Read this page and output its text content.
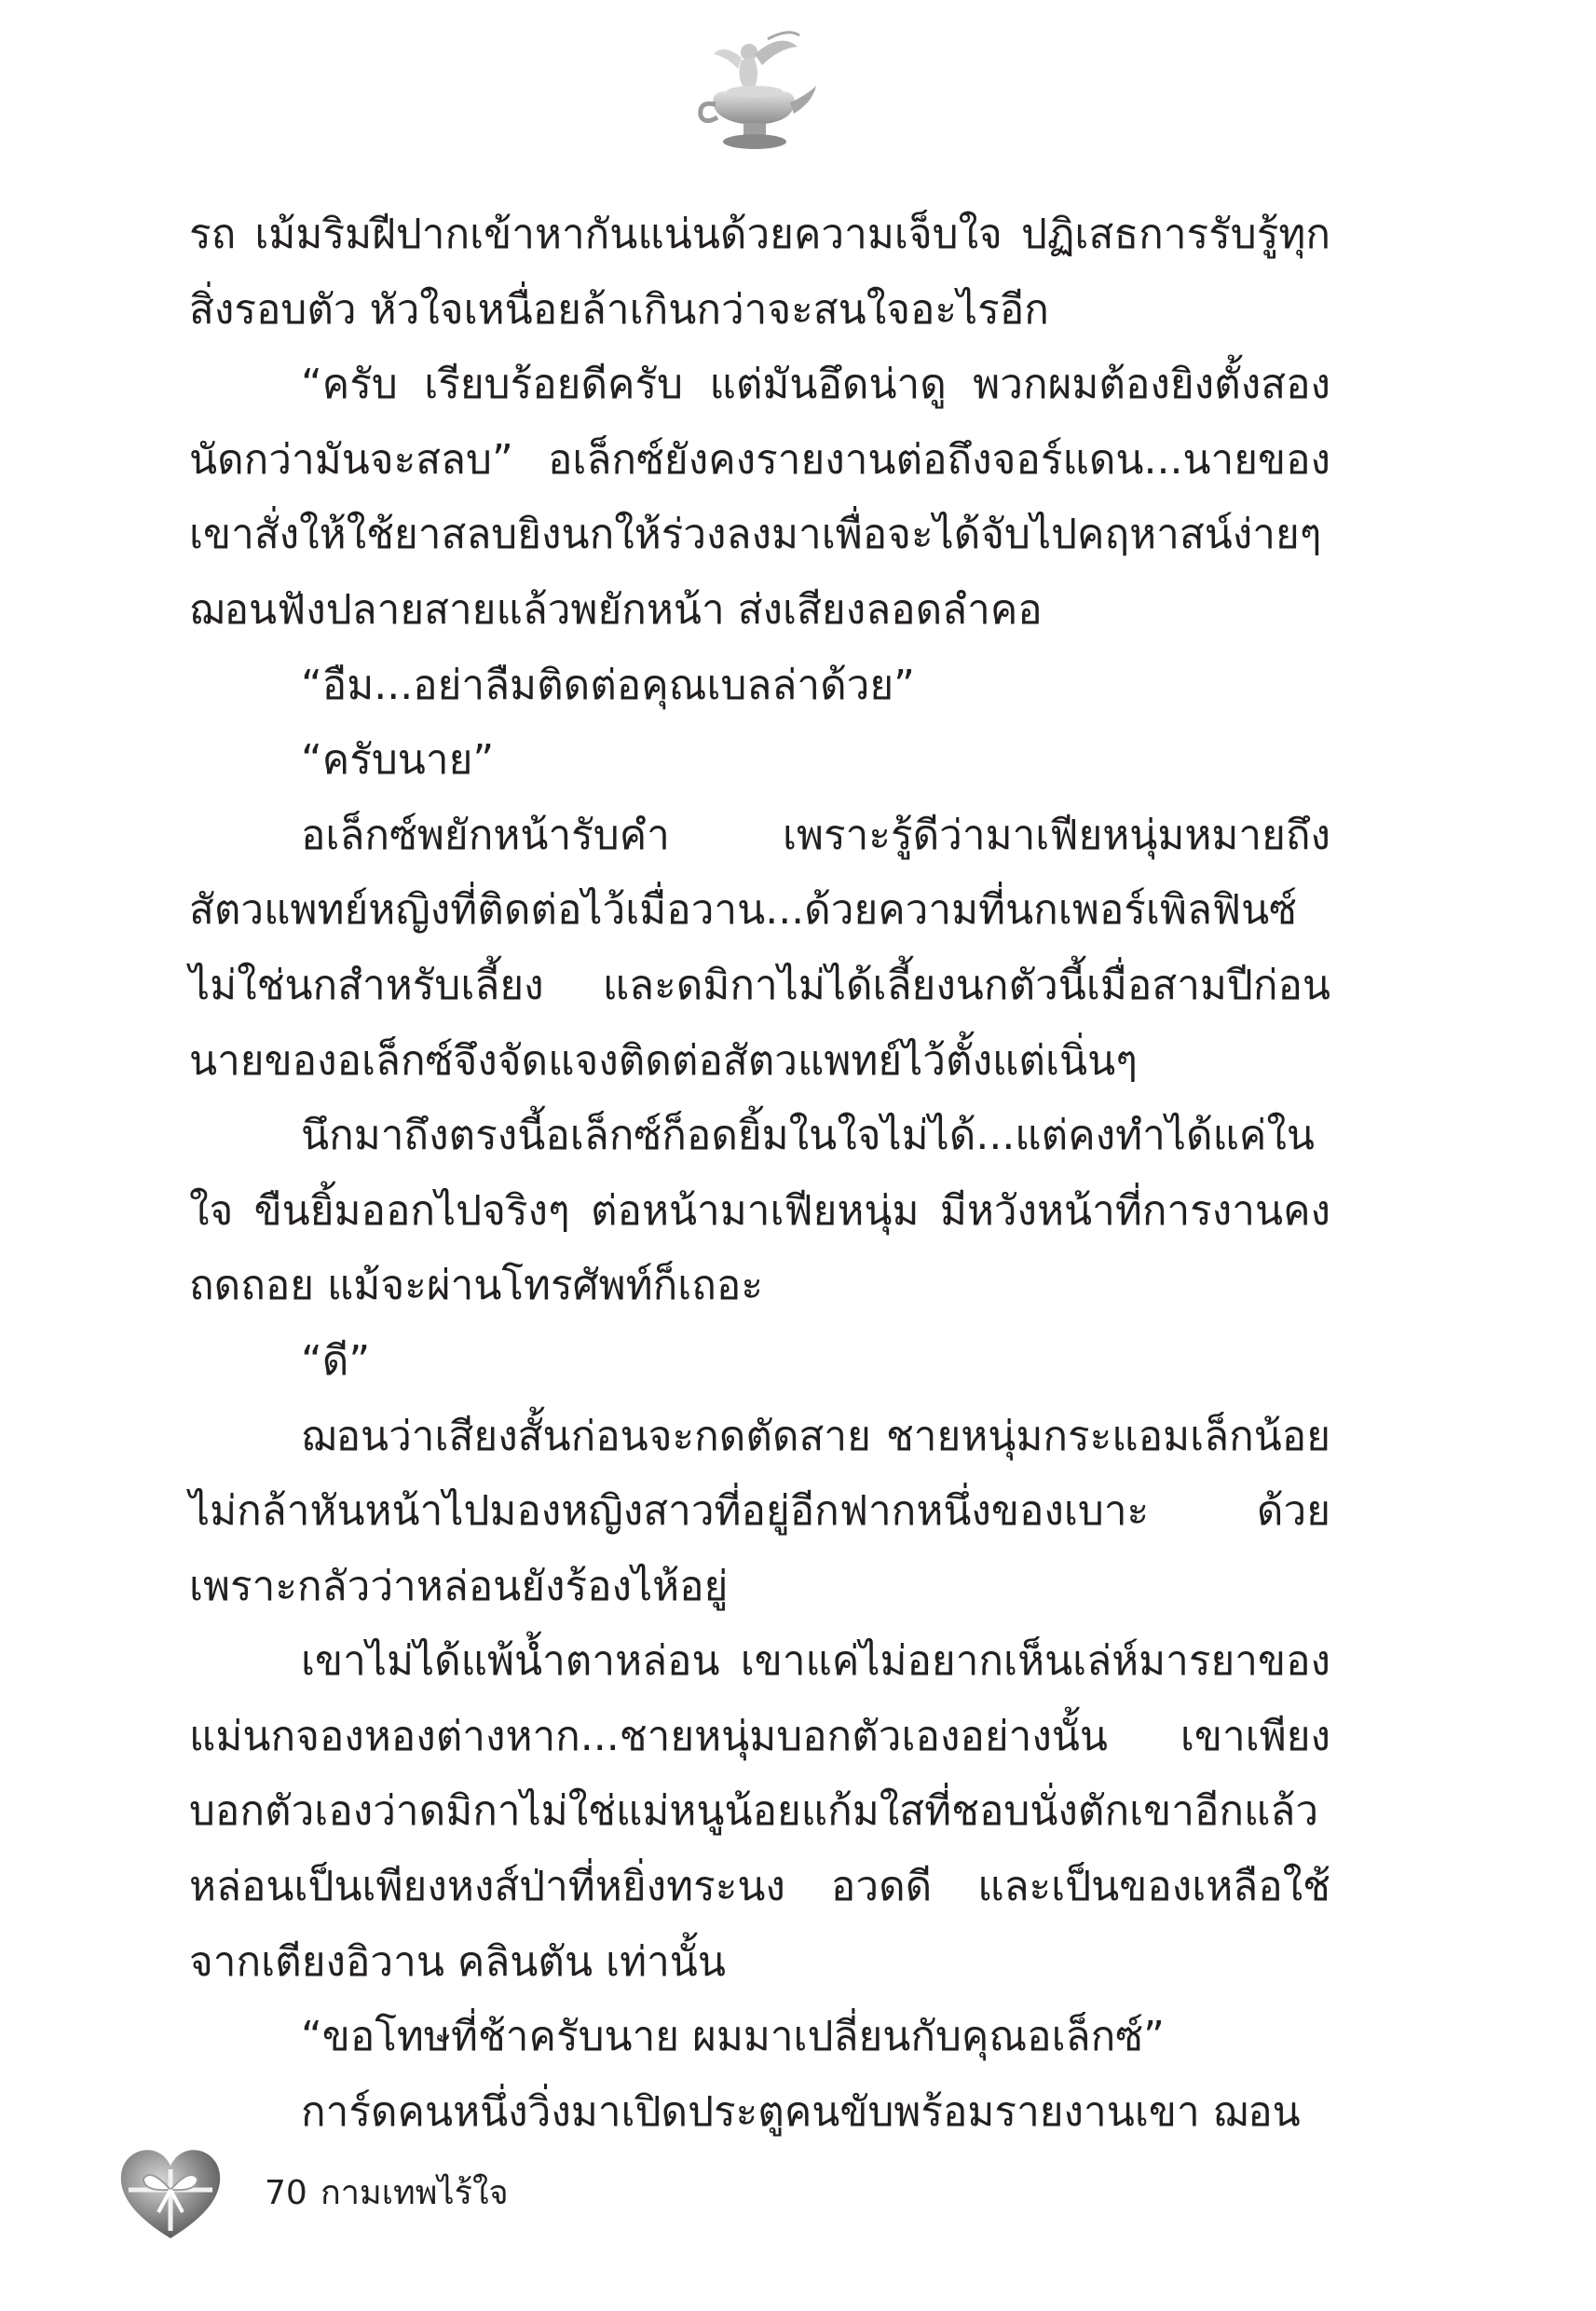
รถ เม้มริมฝีปากเข้าหากันแน่นด้วยความเจ็บใจ ปฏิเสธการรับรู้ทุกสิ่งรอบตัว หัวใจเหนื่อยล้าเกินกว่าจะสนใจอะไรอีก

“ครับ เรียบร้อยดีครับ แต่มันอึดน่าดู พวกผมต้องยิงตั้งสองนัดกว่ามันจะสลบ” อเล็กซ์ยังคงรายงานต่อถึงจอร์แดน...นายของเขาสั่งให้ใช้ยาสลบยิงนกให้ร่วงลงมาเพื่อจะได้จับไปคฤหาสน์ง่ายๆ ฌอนฟังปลายสายแล้วพยักหน้า ส่งเสียงลอดลำคอ

“อืม...อย่าลืมติดต่อคุณเบลล่าด้วย”

“ครับนาย”

อเล็กซ์พยักหน้ารับคำ เพราะรู้ดีว่ามาเฟียหนุ่มหมายถึงสัตวแพทย์หญิงที่ติดต่อไว้เมื่อวาน...ด้วยความที่นกเพอร์เพิลฟินซ์ไม่ใช่นกสำหรับเลี้ยง และดมิกาไม่ได้เลี้ยงนกตัวนี้เมื่อสามปีก่อน นายของอเล็กซ์จึงจัดแจงติดต่อสัตวแพทย์ไว้ตั้งแต่เนิ่นๆ

นึกมาถึงตรงนี้อเล็กซ์ก็อดยิ้มในใจไม่ได้...แต่คงทำได้แค่ในใจ ขืนยิ้มออกไปจริงๆ ต่อหน้ามาเฟียหนุ่ม มีหวังหน้าที่การงานคงถดถอย แม้จะผ่านโทรศัพท์ก็เถอะ

“ดี”

ฌอนว่าเสียงสั้นก่อนจะกดตัดสาย ชายหนุ่มกระแอมเล็กน้อยไม่กล้าหันหน้าไปมองหญิงสาวที่อยู่อีกฟากหนึ่งของเบาะ ด้วยเพราะกลัวว่าหล่อนยังร้องไห้อยู่

เขาไม่ได้แพ้น้ำตาหล่อน เขาแค่ไม่อยากเห็นเล่ห์มารยาของแม่นกจองหองต่างหาก...ชายหนุ่มบอกตัวเองอย่างนั้น เขาเพียงบอกตัวเองว่าดมิกาไม่ใช่แม่หนูน้อยแก้มใสที่ชอบนั่งตักเขาอีกแล้ว หล่อนเป็นเพียงหงส์ป่าที่หยิ่งทระนง อวดดี และเป็นของเหลือใช้จากเตียงอิวาน คลินตัน เท่านั้น

“ขอโทษที่ช้าครับนาย ผมมาเปลี่ยนกับคุณอเล็กซ์”

การ์ดคนหนึ่งวิ่งมาเปิดประตูคนขับพร้อมรายงานเขา ฌอน

70 กามเทพไร้ใจ
